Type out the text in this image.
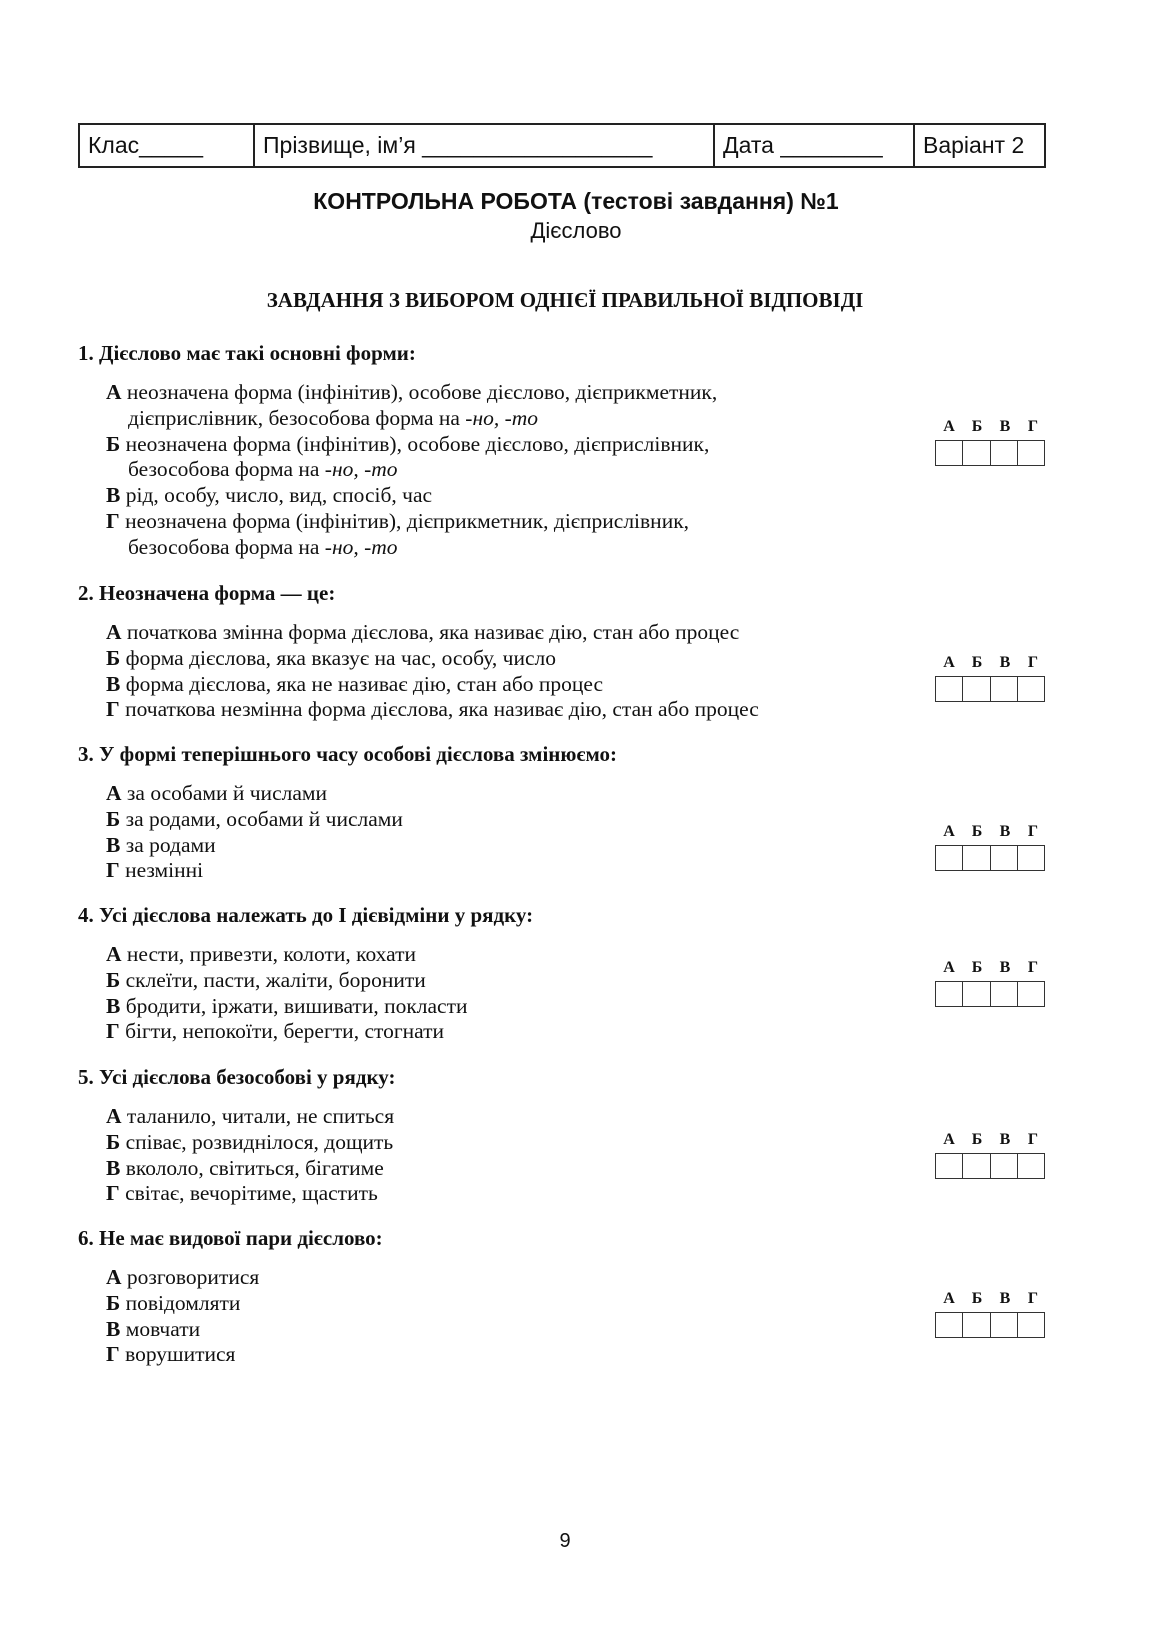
Клас_____	Прізвище, ім’я __________________	Дата ________	Варіант 2
КОНТРОЛЬНА РОБОТА (тестові завдання) №1
Дієслово
ЗАВДАННЯ З ВИБОРОМ ОДНІЄЇ ПРАВИЛЬНОЇ ВІДПОВІДІ
1. Дієслово має такі основні форми:
А неозначена форма (інфінітив), особове дієслово, дієприкметник,
дієприслівник, безособова форма на -но, -то
Б неозначена форма (інфінітив), особове дієслово, дієприслівник,
безособова форма на -но, -то
В рід, особу, число, вид, спосіб, час
Г неозначена форма (інфінітив), дієприкметник, дієприслівник,
безособова форма на -но, -то
А	Б	В	Г
2. Неозначена форма — це:
А початкова змінна форма дієслова, яка називає дію, стан або процес
Б форма дієслова, яка вказує на час, особу, число
В форма дієслова, яка не називає дію, стан або процес
Г початкова незмінна форма дієслова, яка називає дію, стан або процес
А	Б	В	Г
3. У формі теперішнього часу особові дієслова змінюємо:
А за особами й числами
Б за родами, особами й числами
В за родами
Г незмінні
А	Б	В	Г
4. Усі дієслова належать до І дієвідміни у рядку:
А нести, привезти, колоти, кохати
Б склеїти, пасти, жаліти, боронити
В бродити, іржати, вишивати, покласти
Г бігти, непокоїти, берегти, стогнати
А	Б	В	Г
5. Усі дієслова безособові у рядку:
А таланило, читали, не спиться
Б співає, розвиднілося, дощить
В вкололо, світиться, бігатиме
Г світає, вечорітиме, щастить
А	Б	В	Г
6. Не має видової пари дієслово:
А розговоритися
Б повідомляти
В мовчати
Г ворушитися
А	Б	В	Г
9
